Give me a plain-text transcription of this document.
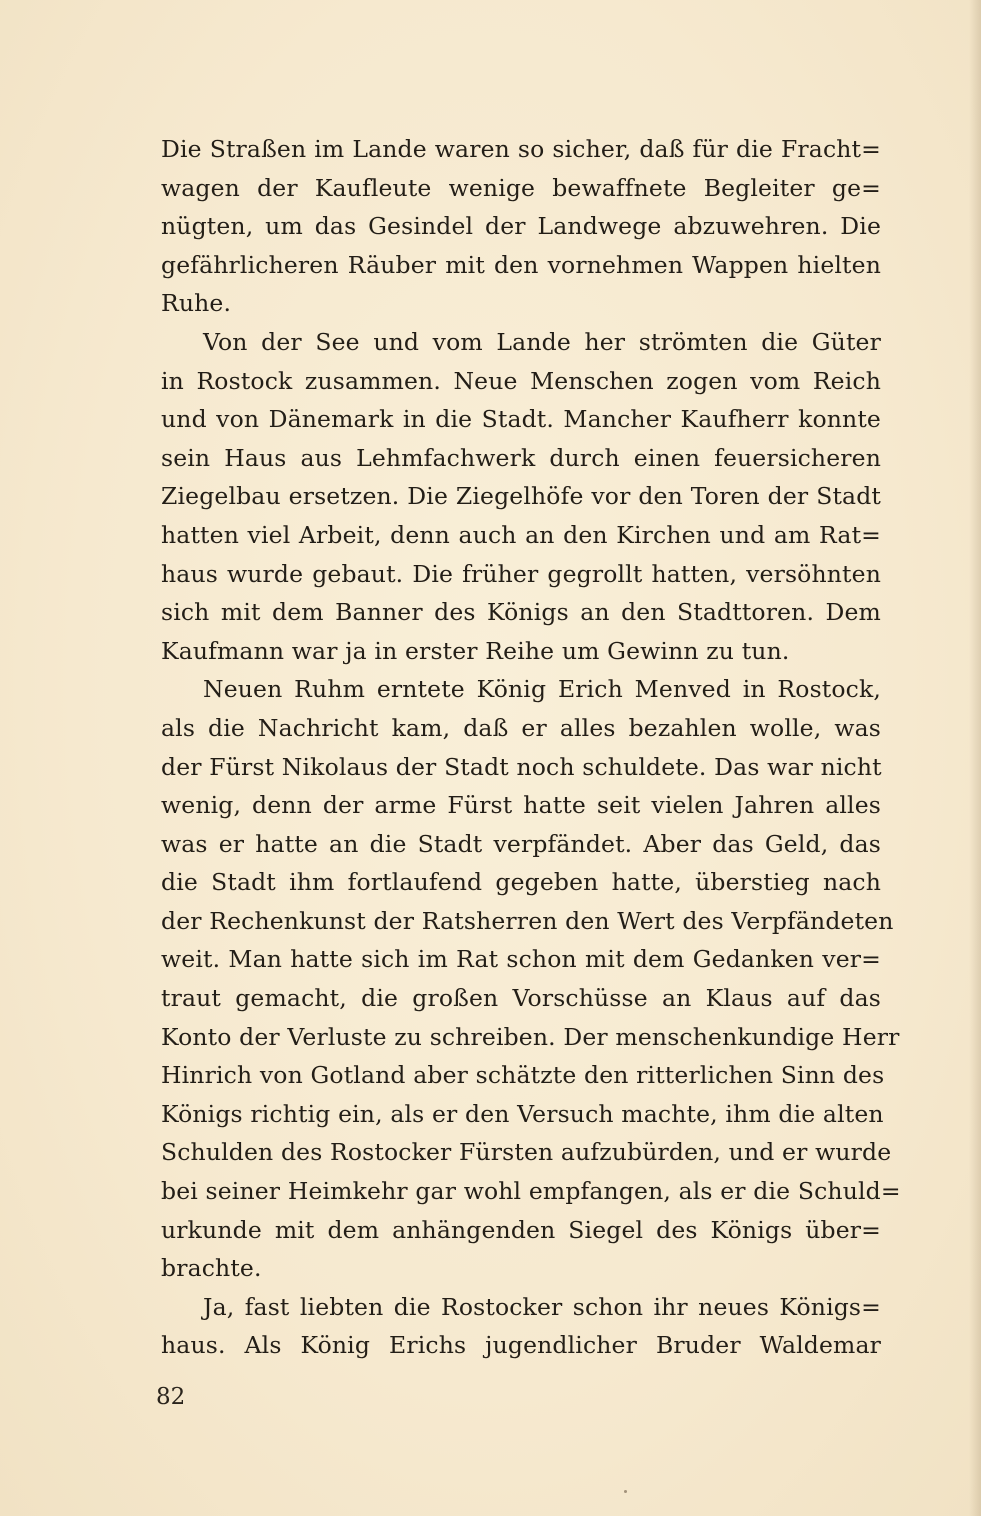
Die Straßen im Lande waren so sicher, daß für die Fracht=
wagen der Kaufleute wenige bewaffnete Begleiter ge=
nügten, um das Gesindel der Landwege abzuwehren. Die
gefährlicheren Räuber mit den vornehmen Wappen hielten
Ruhe.
Von der See und vom Lande her strömten die Güter
in Rostock zusammen. Neue Menschen zogen vom Reich
und von Dänemark in die Stadt. Mancher Kaufherr konnte
sein Haus aus Lehmfachwerk durch einen feuersicheren
Ziegelbau ersetzen. Die Ziegelhöfe vor den Toren der Stadt
hatten viel Arbeit, denn auch an den Kirchen und am Rat=
haus wurde gebaut. Die früher gegrollt hatten, versöhnten
sich mit dem Banner des Königs an den Stadttoren. Dem
Kaufmann war ja in erster Reihe um Gewinn zu tun.
Neuen Ruhm erntete König Erich Menved in Rostock,
als die Nachricht kam, daß er alles bezahlen wolle, was
der Fürst Nikolaus der Stadt noch schuldete. Das war nicht
wenig, denn der arme Fürst hatte seit vielen Jahren alles
was er hatte an die Stadt verpfändet. Aber das Geld, das
die Stadt ihm fortlaufend gegeben hatte, überstieg nach
der Rechenkunst der Ratsherren den Wert des Verpfändeten
weit. Man hatte sich im Rat schon mit dem Gedanken ver=
traut gemacht, die großen Vorschüsse an Klaus auf das
Konto der Verluste zu schreiben. Der menschenkundige Herr
Hinrich von Gotland aber schätzte den ritterlichen Sinn des
Königs richtig ein, als er den Versuch machte, ihm die alten
Schulden des Rostocker Fürsten aufzubürden, und er wurde
bei seiner Heimkehr gar wohl empfangen, als er die Schuld=
urkunde mit dem anhängenden Siegel des Königs über=
brachte.
Ja, fast liebten die Rostocker schon ihr neues Königs=
haus. Als König Erichs jugendlicher Bruder Waldemar
82
